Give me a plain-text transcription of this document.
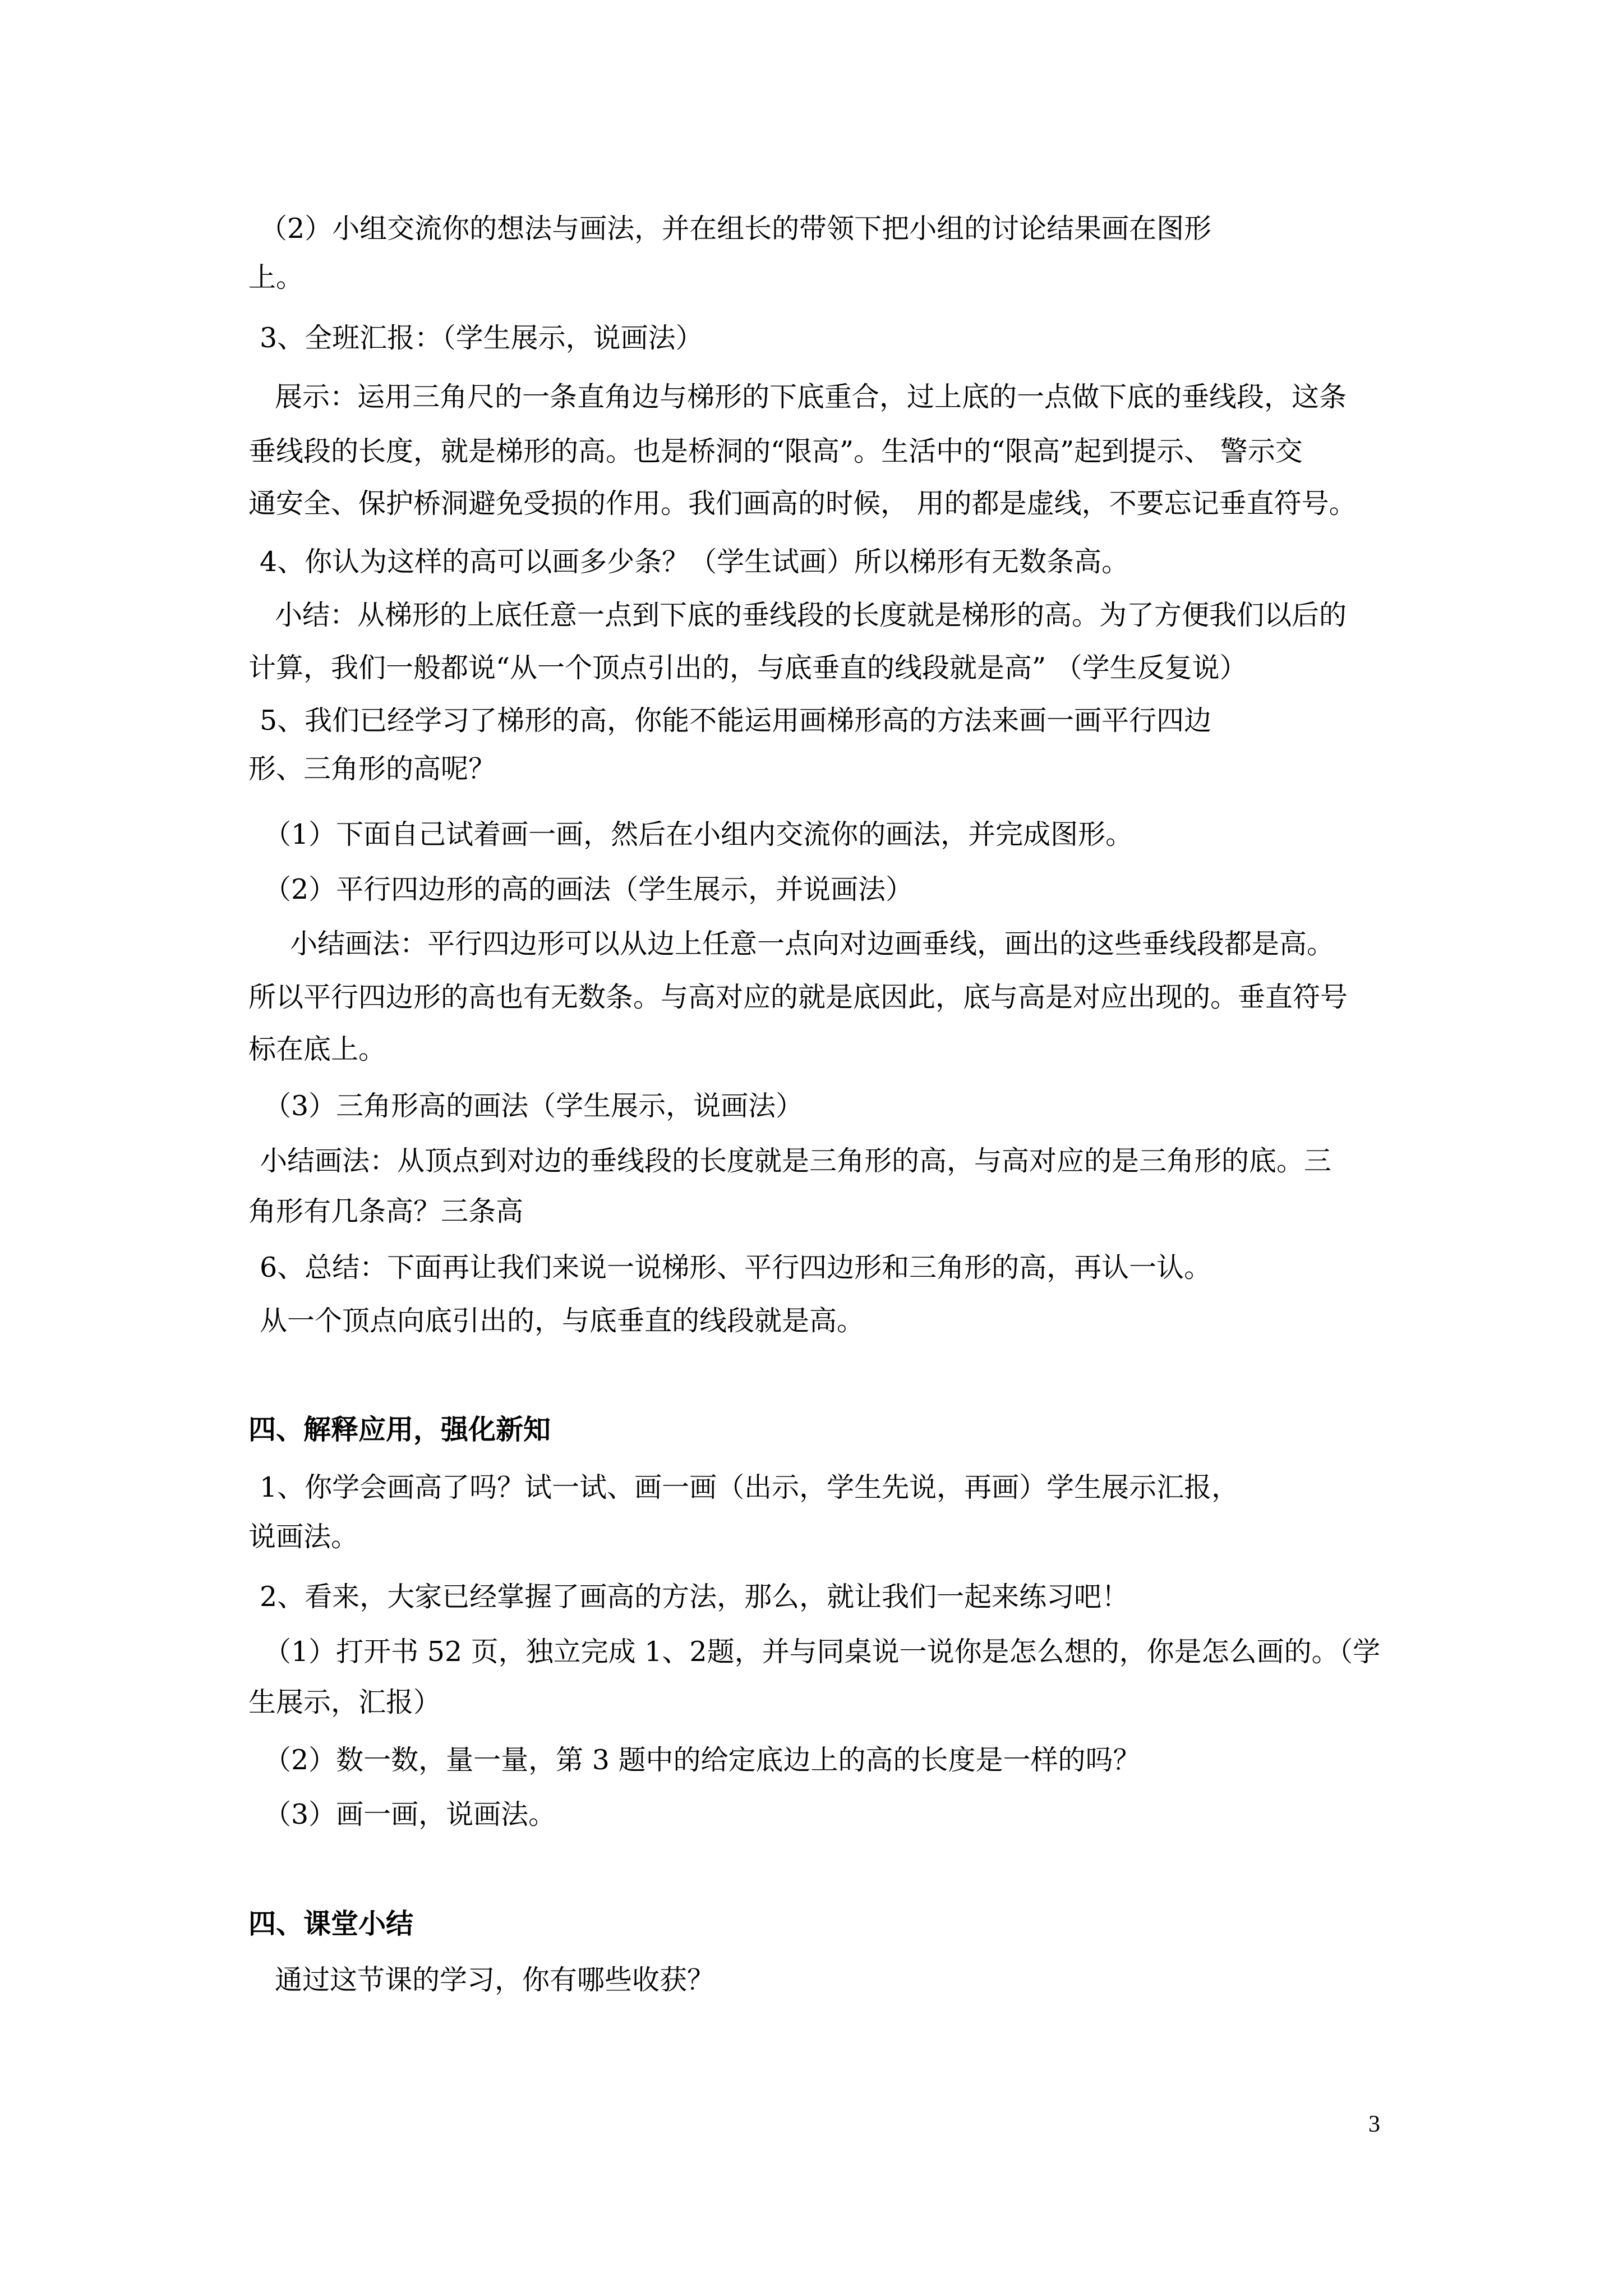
（2）小组交流你的想法与画法，并在组长的带领下把小组的讨论结果画在图形
上。
3、全班汇报：（学生展示，说画法）
展示：运用三角尺的一条直角边与梯形的下底重合，过上底的一点做下底的垂线段，这条
垂线段的长度，就是梯形的高。也是桥洞的“限高”。生活中的“限高”起到提示、 警示交
通安全、保护桥洞避免受损的作用。我们画高的时候， 用的都是虚线，不要忘记垂直符号。
4、你认为这样的高可以画多少条？（学生试画）所以梯形有无数条高。
小结：从梯形的上底任意一点到下底的垂线段的长度就是梯形的高。为了方便我们以后的
计算，我们一般都说“从一个顶点引出的，与底垂直的线段就是高” （学生反复说）
5、我们已经学习了梯形的高，你能不能运用画梯形高的方法来画一画平行四边
形、三角形的高呢？
（1）下面自己试着画一画，然后在小组内交流你的画法，并完成图形。
（2）平行四边形的高的画法（学生展示，并说画法）
小结画法：平行四边形可以从边上任意一点向对边画垂线，画出的这些垂线段都是高。
所以平行四边形的高也有无数条。与高对应的就是底因此，底与高是对应出现的。垂直符号
标在底上。
（3）三角形高的画法（学生展示，说画法）
小结画法：从顶点到对边的垂线段的长度就是三角形的高，与高对应的是三角形的底。三
角形有几条高？三条高
6、总结：下面再让我们来说一说梯形、平行四边形和三角形的高，再认一认。
从一个顶点向底引出的，与底垂直的线段就是高。
四、解释应用，强化新知
1、你学会画高了吗？试一试、画一画（出示，学生先说，再画）学生展示汇报，
说画法。
2、看来，大家已经掌握了画高的方法，那么，就让我们一起来练习吧！
（1）打开书 52 页，独立完成 1、2题，并与同桌说一说你是怎么想的，你是怎么画的。（学
生展示，汇报）
（2）数一数，量一量，第 3 题中的给定底边上的高的长度是一样的吗？
（3）画一画，说画法。
四、课堂小结
通过这节课的学习，你有哪些收获？
3
